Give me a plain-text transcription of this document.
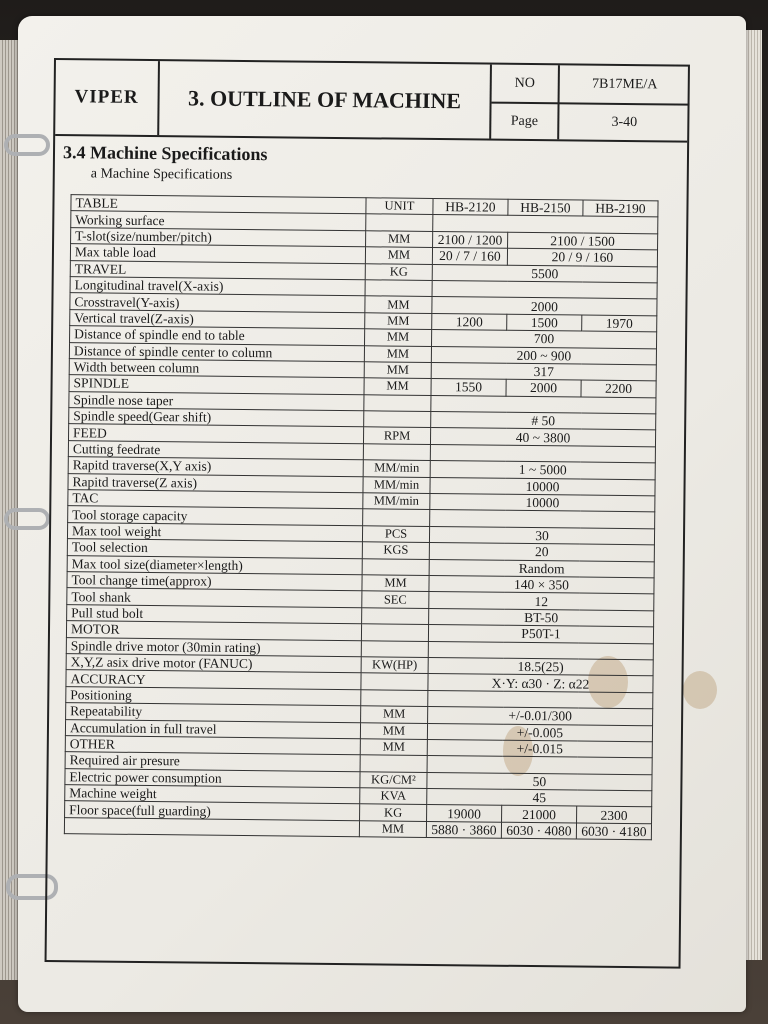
VIPER	3. OUTLINE OF MACHINE
NO	7B17ME/A
Page	3-40
3.4 Machine Specifications
a Machine Specifications
TABLE	UNIT	HB-2120	HB-2150	HB-2190
Working surface				
T-slot(size/number/pitch)	MM	2100 / 1200	2100 / 1500	
Max table load	MM	20 / 7 / 160	20 / 9 / 160	
TRAVEL	KG	5500		
Longitudinal travel(X-axis)				
Crosstravel(Y-axis)	MM	2000		
Vertical travel(Z-axis)	MM	1200	1500	1970
Distance of spindle end to table	MM	700		
Distance of spindle center to column	MM	200 ~ 900		
Width between column	MM	317		
SPINDLE	MM	1550	2000	2200
Spindle nose taper				
Spindle speed(Gear shift)		# 50		
FEED	RPM	40 ~ 3800		
Cutting feedrate				
Rapitd traverse(X,Y axis)	MM/min	1 ~ 5000		
Rapitd traverse(Z axis)	MM/min	10000		
TAC	MM/min	10000		
Tool storage capacity				
Max tool weight	PCS	30		
Tool selection	KGS	20		
Max tool size(diameter×length)		Random		
Tool change time(approx)	MM	140 × 350		
Tool shank	SEC	12		
Pull stud bolt		BT-50		
MOTOR		P50T-1		
Spindle drive motor (30min rating)				
X,Y,Z asix drive motor (FANUC)	KW(HP)	18.5(25)		
ACCURACY		X·Y: α30 · Z: α22		
Positioning				
Repeatability	MM	+/-0.01/300		
Accumulation in full travel	MM	+/-0.005		
OTHER	MM	+/-0.015		
Required air presure				
Electric power consumption	KG/CM²	50		
Machine weight	KVA	45		
Floor space(full guarding)	KG	19000	21000	2300
	MM	5880 · 3860	6030 · 4080	6030 · 4180
